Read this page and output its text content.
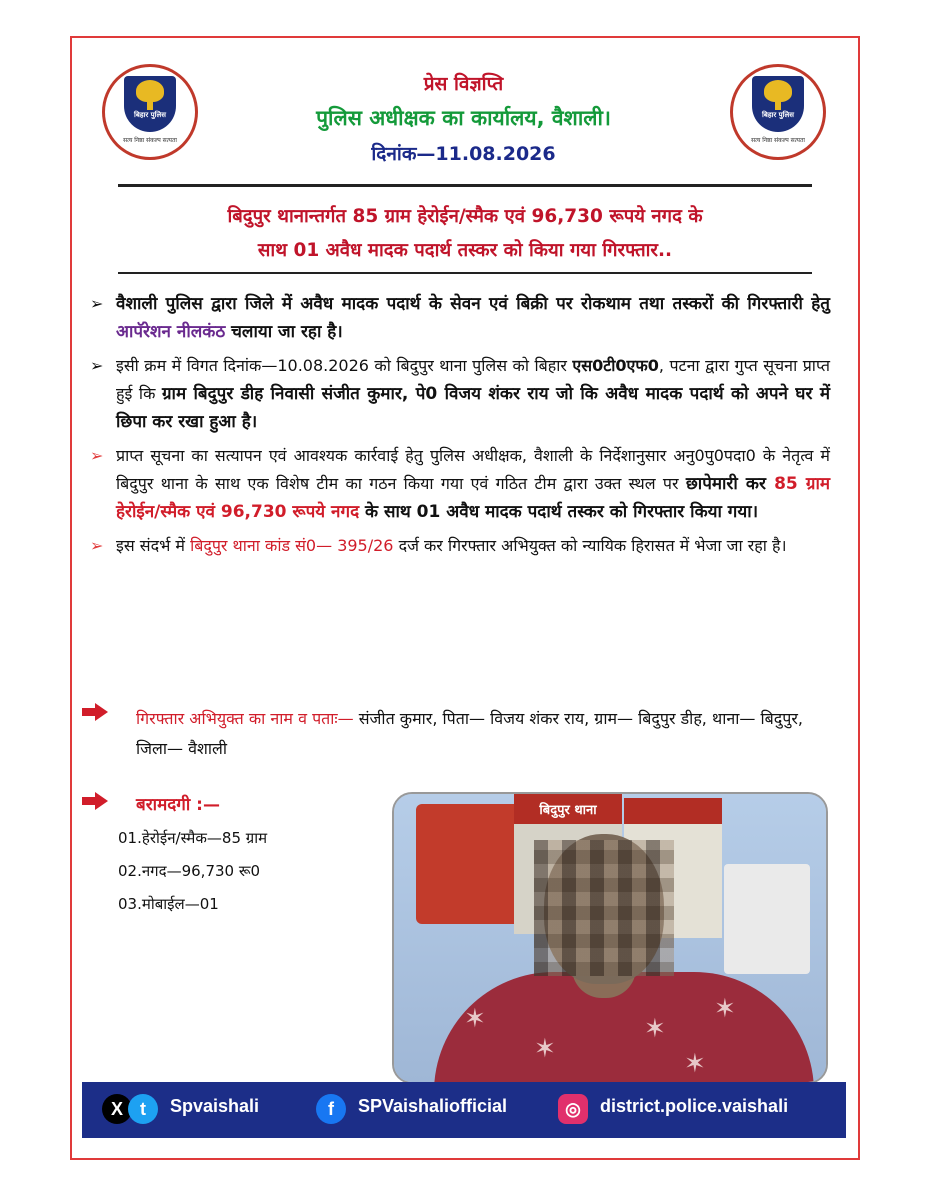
बिहार पुलिस
सत्य निष्ठा संकल्प सत्यता
बिहार पुलिस
सत्य निष्ठा संकल्प सत्यता
प्रेस विज्ञप्ति
पुलिस अधीक्षक का कार्यालय, वैशाली।
दिनांक—11.08.2026
बिदुपुर थानान्तर्गत 85 ग्राम हेरोईन/स्मैक एवं 96,730 रूपये नगद के
साथ 01 अवैध मादक पदार्थ तस्कर को किया गया गिरफ्तार..
➢ वैशाली पुलिस द्वारा जिले में अवैध मादक पदार्थ के सेवन एवं बिक्री पर रोकथाम तथा तस्करों की गिरफ्तारी हेतु आपॅरेशन नीलकंठ चलाया जा रहा है।
➢ इसी क्रम में विगत दिनांक—10.08.2026 को बिदुपुर थाना पुलिस को बिहार एस0टी0एफ0, पटना द्वारा गुप्त सूचना प्राप्त हुई कि ग्राम बिदुपुर डीह निवासी संजीत कुमार, पे0 विजय शंकर राय जो कि अवैध मादक पदार्थ को अपने घर में छिपा कर रखा हुआ है।
➢ प्राप्त सूचना का सत्यापन एवं आवश्यक कार्रवाई हेतु पुलिस अधीक्षक, वैशाली के निर्देशानुसार अनु0पु0पदा0 के नेतृत्व में बिदुपुर थाना के साथ एक विशेष टीम का गठन किया गया एवं गठित टीम द्वारा उक्त स्थल पर छापेमारी कर 85 ग्राम हेरोईन/स्मैक एवं 96,730 रूपये नगद के साथ 01 अवैध मादक पदार्थ तस्कर को गिरफ्तार किया गया।
➢ इस संदर्भ में बिदुपुर थाना कांड सं0— 395/26 दर्ज कर गिरफ्तार अभियुक्त को न्यायिक हिरासत में भेजा जा रहा है।
गिरफ्तार अभियुक्त का नाम व पताः— संजीत कुमार, पिता— विजय शंकर राय, ग्राम— बिदुपुर डीह, थाना— बिदुपुर, जिला— वैशाली
बरामदगी :—
01.हेरोईन/स्मैक—85 ग्राम
02.नगद—96,730 रू0
03.मोबाईल—01
बिदुपुर थाना
✶
✶
✶
✶
✶
X t	Spvaishali	f	SPVaishaliofficial	◎	district.police.vaishali
